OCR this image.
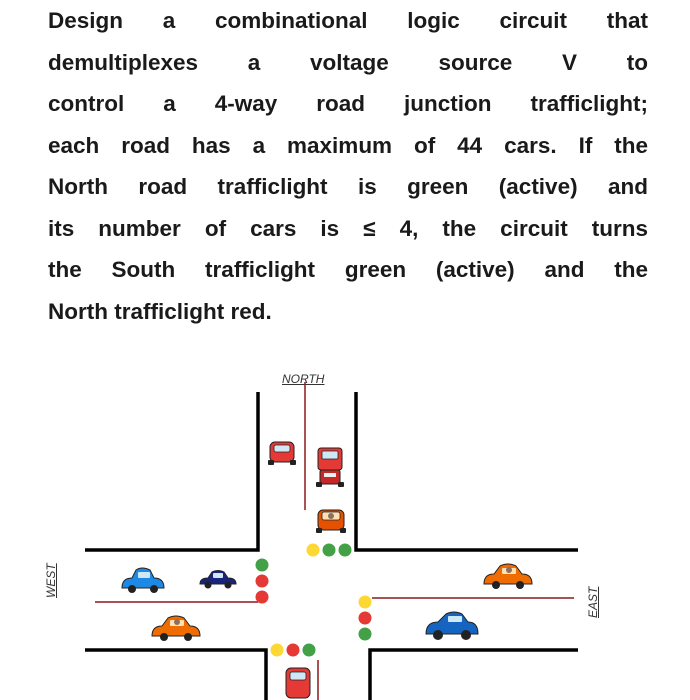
Design a combinational logic circuit that
demultiplexes a voltage source V to
control a 4-way road junction trafficlight;
each road has a maximum of 44 cars. If the
North road trafficlight is green (active) and
its number of cars is ≤ 4, the circuit turns
the South trafficlight green (active) and the
North trafficlight red.
NORTH
WEST
EAST
